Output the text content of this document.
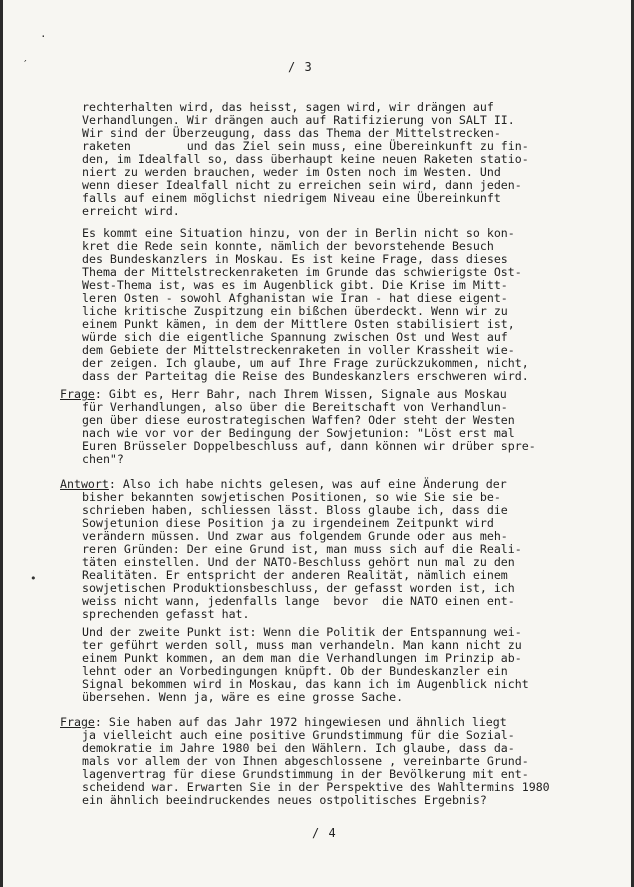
·
′
•
/ 3
rechterhalten wird, das heisst, sagen wird, wir drängen auf
Verhandlungen. Wir drängen auch auf Ratifizierung von SALT II.
Wir sind der Überzeugung, dass das Thema der Mittelstrecken-
raketen        und das Ziel sein muss, eine Übereinkunft zu fin-
den, im Idealfall so, dass überhaupt keine neuen Raketen statio-
niert zu werden brauchen, weder im Osten noch im Westen. Und
wenn dieser Idealfall nicht zu erreichen sein wird, dann jeden-
falls auf einem möglichst niedrigem Niveau eine Übereinkunft
erreicht wird.
Es kommt eine Situation hinzu, von der in Berlin nicht so kon-
kret die Rede sein konnte, nämlich der bevorstehende Besuch
des Bundeskanzlers in Moskau. Es ist keine Frage, dass dieses
Thema der Mittelstreckenraketen im Grunde das schwierigste Ost-
West-Thema ist, was es im Augenblick gibt. Die Krise im Mitt-
leren Osten - sowohl Afghanistan wie Iran - hat diese eigent-
liche kritische Zuspitzung ein bißchen überdeckt. Wenn wir zu
einem Punkt kämen, in dem der Mittlere Osten stabilisiert ist,
würde sich die eigentliche Spannung zwischen Ost und West auf
dem Gebiete der Mittelstreckenraketen in voller Krassheit wie-
der zeigen. Ich glaube, um auf Ihre Frage zurückzukommen, nicht,
dass der Parteitag die Reise des Bundeskanzlers erschweren wird.
Frage: Gibt es, Herr Bahr, nach Ihrem Wissen, Signale aus Moskau
für Verhandlungen, also über die Bereitschaft von Verhandlun-
gen über diese eurostrategischen Waffen? Oder steht der Westen
nach wie vor vor der Bedingung der Sowjetunion: "Löst erst mal
Euren Brüsseler Doppelbeschluss auf, dann können wir drüber spre-
chen"?
Antwort: Also ich habe nichts gelesen, was auf eine Änderung der
bisher bekannten sowjetischen Positionen, so wie Sie sie be-
schrieben haben, schliessen lässt. Bloss glaube ich, dass die
Sowjetunion diese Position ja zu irgendeinem Zeitpunkt wird
verändern müssen. Und zwar aus folgendem Grunde oder aus meh-
reren Gründen: Der eine Grund ist, man muss sich auf die Reali-
täten einstellen. Und der NATO-Beschluss gehört nun mal zu den
Realitäten. Er entspricht der anderen Realität, nämlich einem
sowjetischen Produktionsbeschluss, der gefasst worden ist, ich
weiss nicht wann, jedenfalls lange  bevor  die NATO einen ent-
sprechenden gefasst hat.
Und der zweite Punkt ist: Wenn die Politik der Entspannung wei-
ter geführt werden soll, muss man verhandeln. Man kann nicht zu
einem Punkt kommen, an dem man die Verhandlungen im Prinzip ab-
lehnt oder an Vorbedingungen knüpft. Ob der Bundeskanzler ein
Signal bekommen wird in Moskau, das kann ich im Augenblick nicht
übersehen. Wenn ja, wäre es eine grosse Sache.
Frage: Sie haben auf das Jahr 1972 hingewiesen und ähnlich liegt
ja vielleicht auch eine positive Grundstimmung für die Sozial-
demokratie im Jahre 1980 bei den Wählern. Ich glaube, dass da-
mals vor allem der von Ihnen abgeschlossene , vereinbarte Grund-
lagenvertrag für diese Grundstimmung in der Bevölkerung mit ent-
scheidend war. Erwarten Sie in der Perspektive des Wahltermins 1980
ein ähnlich beeindruckendes neues ostpolitisches Ergebnis?
/ 4
